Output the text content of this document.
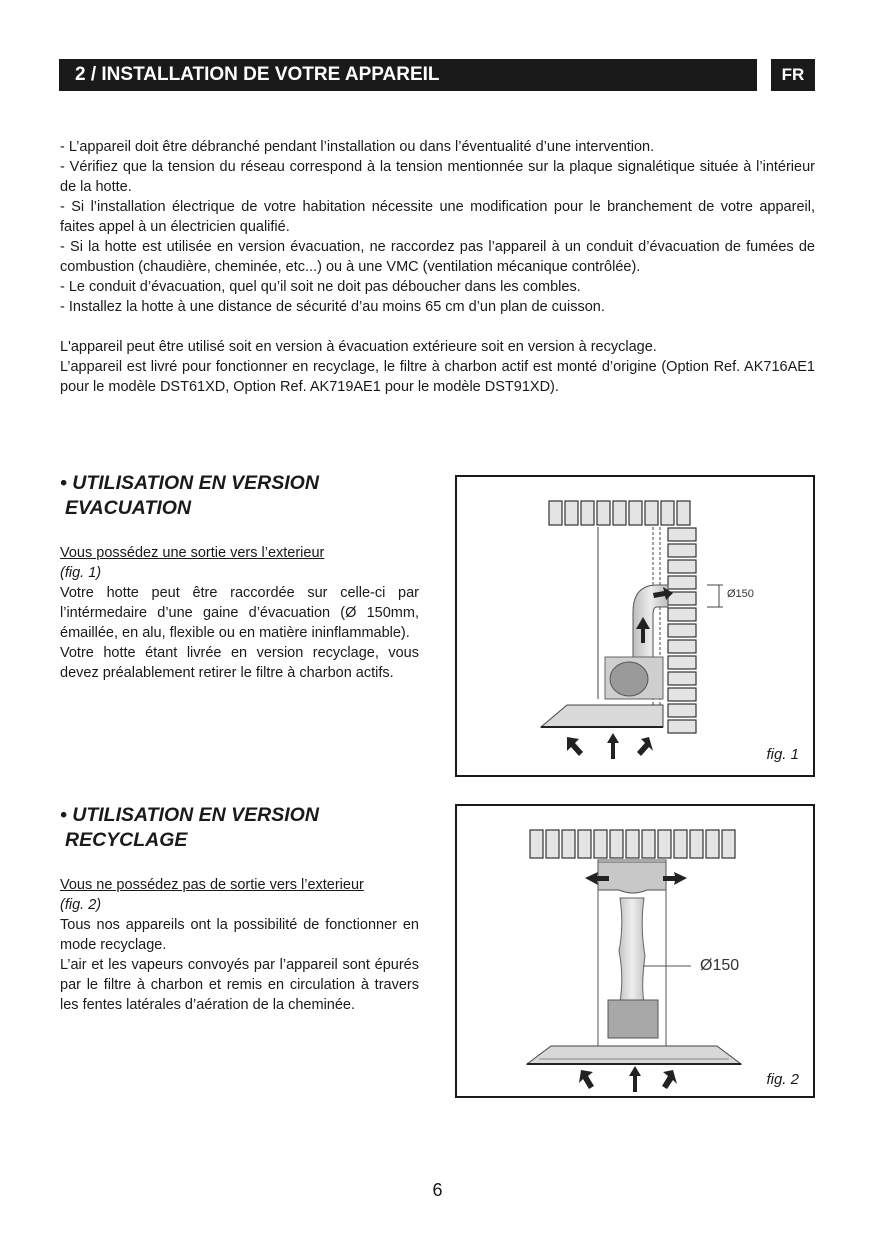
2 / INSTALLATION DE VOTRE APPAREIL	FR

- L’appareil doit être débranché pendant l’installation ou dans l’éventualité d’une intervention.

- Vérifiez que la tension du réseau correspond à la tension mentionnée sur la plaque signalétique située à l’intérieur de la hotte.

- Si l’installation électrique de votre habitation nécessite une modification pour le branchement de votre appareil, faites appel à un électricien qualifié.

- Si la hotte est utilisée en version évacuation, ne raccordez pas l’appareil à un conduit d’évacuation de fumées de combustion (chaudière, cheminée, etc...) ou à une VMC (ventilation mécanique contrôlée).

- Le conduit d’évacuation, quel qu’il soit ne doit pas déboucher dans les combles.

- Installez la hotte à une distance de sécurité d’au moins 65 cm d’un plan de cuisson.

L'appareil peut être utilisé soit en version à évacuation extérieure soit en version à recyclage.

L’appareil est livré pour fonctionner en recyclage, le filtre à charbon actif est monté d’origine (Option Ref. AK716AE1 pour le modèle DST61XD, Option Ref. AK719AE1 pour le modèle DST91XD).

• UTILISATION EN VERSION
EVACUATION

Vous possédez une sortie vers l’exterieur

(fig. 1)

Votre hotte peut être raccordée sur celle-ci par l’intérmedaire d’une gaine d’évacuation (Ø 150mm, émaillée, en alu, flexible ou en matière ininflammable).

Votre hotte étant livrée en version recyclage, vous devez préalablement retirer le filtre à charbon actifs.

Ø150
fig. 1
• UTILISATION EN VERSION
RECYCLAGE

Vous ne possédez pas de sortie vers l’exterieur

(fig. 2)

Tous nos appareils ont la possibilité de fonctionner en mode recyclage.

L’air et les vapeurs convoyés par l’appareil sont épurés par le filtre à charbon et remis en circulation à travers les fentes latérales d’aération de la cheminée.

Ø150
fig. 2
6
